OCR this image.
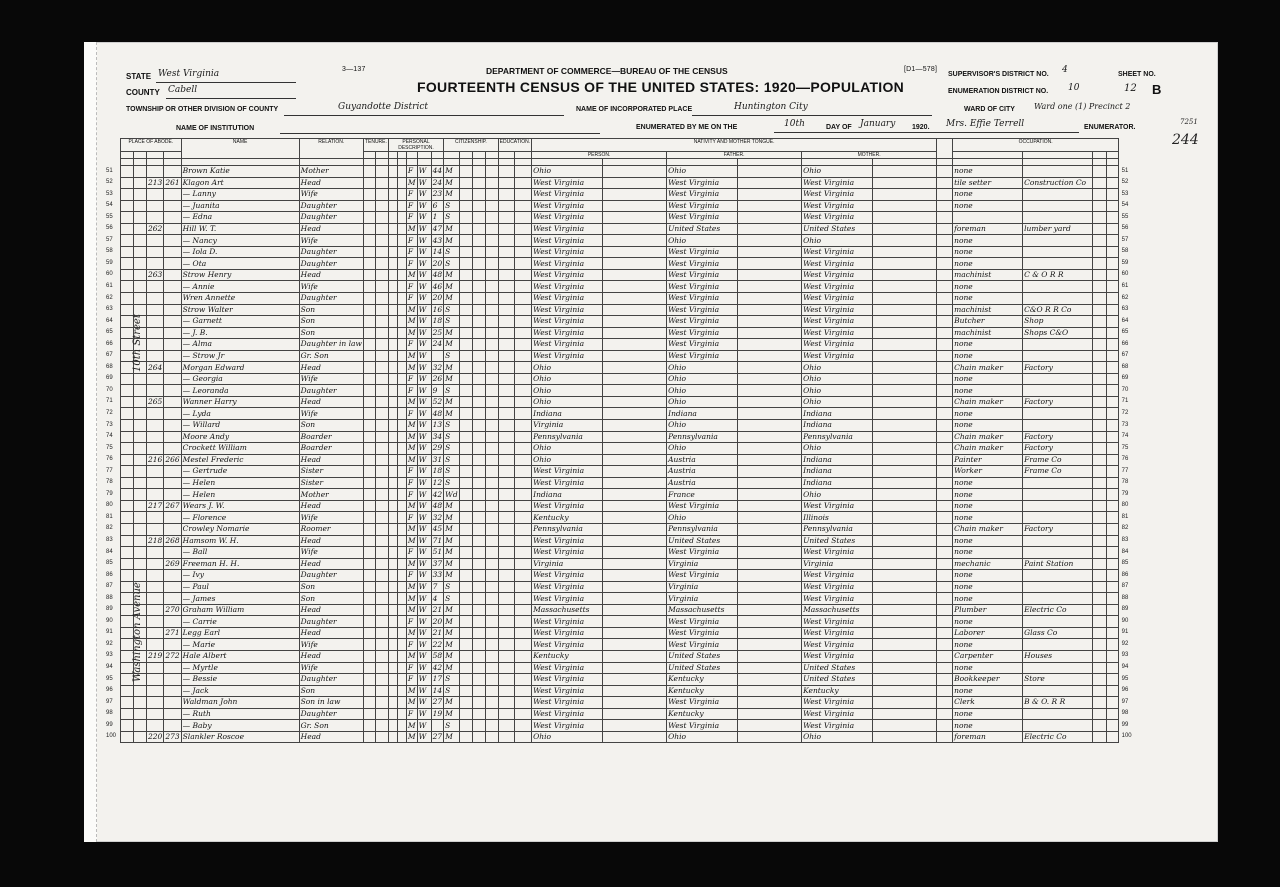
3—137	DEPARTMENT OF COMMERCE—BUREAU OF THE CENSUS	[D1—578]
FOURTEENTH CENSUS OF THE UNITED STATES: 1920—POPULATION
STATE West Virginia
COUNTY Cabell
TOWNSHIP OR OTHER DIVISION OF COUNTY	Guyandotte District	NAME OF INCORPORATED PLACE	Huntington City
NAME OF INSTITUTION	ENUMERATED BY ME ON THE	10th	DAY OF January 1920. Mrs. Effie Terrell	ENUMERATOR.
SUPERVISOR'S DISTRICT NO. 4
ENUMERATION DISTRICT NO. 10
SHEET NO.
12 B
WARD OF CITY Ward one (1) Precinct 2
244
7251
PLACE OF ABODE.				NAME	RELATION.	TENURE.		PERSONAL DESCRIPTION.					CITIZENSHIP.				EDUCATION.		NATIVITY AND MOTHER TONGUE.							OCCUPATION.			
																			PERSON.		FATHER.		MOTHER.						

				Brown Katie	Mother					F	W	44	M						Ohio		Ohio		Ohio			none			
		213	261	Klagon Art	Head					M	W	24	M						West Virginia		West Virginia		West Virginia			tile setter	Construction Co		
				— Lanny	Wife					F	W	23	M						West Virginia		West Virginia		West Virginia			none			
				— Juanita	Daughter					F	W	6	S						West Virginia		West Virginia		West Virginia			none			
				— Edna	Daughter					F	W	1	S						West Virginia		West Virginia		West Virginia						
		262		Hill W. T.	Head					M	W	47	M						West Virginia		United States		United States			foreman	lumber yard		
				— Nancy	Wife					F	W	43	M						West Virginia		Ohio		Ohio			none			
				— Iola D.	Daughter					F	W	14	S						West Virginia		West Virginia		West Virginia			none			
				— Ota	Daughter					F	W	20	S						West Virginia		West Virginia		West Virginia			none			
		263		Strow Henry	Head					M	W	48	M						West Virginia		West Virginia		West Virginia			machinist	C & O R R		
				— Annie	Wife					F	W	46	M						West Virginia		West Virginia		West Virginia			none			
				Wren Annette	Daughter					F	W	20	M						West Virginia		West Virginia		West Virginia			none			
				Strow Walter	Son					M	W	16	S						West Virginia		West Virginia		West Virginia			machinist	C&O R R Co		
				— Garnett	Son					M	W	18	S						West Virginia		West Virginia		West Virginia			Butcher	Shop		
				— J. B.	Son					M	W	25	M						West Virginia		West Virginia		West Virginia			machinist	Shops C&O		
				— Alma	Daughter in law					F	W	24	M						West Virginia		West Virginia		West Virginia			none			
				— Strow Jr	Gr. Son					M	W		S						West Virginia		West Virginia		West Virginia			none			
		264		Morgan Edward	Head					M	W	32	M						Ohio		Ohio		Ohio			Chain maker	Factory		
				— Georgia	Wife					F	W	26	M						Ohio		Ohio		Ohio			none			
				— Leoranda	Daughter					F	W	9	S						Ohio		Ohio		Ohio			none			
		265		Wanner Harry	Head					M	W	52	M						Ohio		Ohio		Ohio			Chain maker	Factory		
				— Lyda	Wife					F	W	48	M						Indiana		Indiana		Indiana			none			
				— Willard	Son					M	W	13	S						Virginia		Ohio		Indiana			none			
				Moore Andy	Boarder					M	W	34	S						Pennsylvania		Pennsylvania		Pennsylvania			Chain maker	Factory		
				Crockett William	Boarder					M	W	29	S						Ohio		Ohio		Ohio			Chain maker	Factory		
		216	266	Mestel Frederic	Head					M	W	31	S						Ohio		Austria		Indiana			Painter	Frame Co		
				— Gertrude	Sister					F	W	18	S						West Virginia		Austria		Indiana			Worker	Frame Co		
				— Helen	Sister					F	W	12	S						West Virginia		Austria		Indiana			none			
				— Helen	Mother					F	W	42	Wd						Indiana		France		Ohio			none			
		217	267	Wears J. W.	Head					M	W	48	M						West Virginia		West Virginia		West Virginia			none			
				— Florence	Wife					F	W	32	M						Kentucky		Ohio		Illinois			none			
				Crowley Nomarie	Roomer					M	W	45	M						Pennsylvania		Pennsylvania		Pennsylvania			Chain maker	Factory		
		218	268	Hamsom W. H.	Head					M	W	71	M						West Virginia		United States		United States			none			
				— Ball	Wife					F	W	51	M						West Virginia		West Virginia		West Virginia			none			
			269	Freeman H. H.	Head					M	W	37	M						Virginia		Virginia		Virginia			mechanic	Paint Station		
				— Ivy	Daughter					F	W	33	M						West Virginia		West Virginia		West Virginia			none			
				— Paul	Son					M	W	7	S						West Virginia		Virginia		West Virginia			none			
				— James	Son					M	W	4	S						West Virginia		Virginia		West Virginia			none			
			270	Graham William	Head					M	W	21	M						Massachusetts		Massachusetts		Massachusetts			Plumber	Electric Co		
				— Carrie	Daughter					F	W	20	M						West Virginia		West Virginia		West Virginia			none			
			271	Legg Earl	Head					M	W	21	M						West Virginia		West Virginia		West Virginia			Laborer	Glass Co		
				— Marie	Wife					F	W	22	M						West Virginia		West Virginia		West Virginia			none			
		219	272	Hale Albert	Head					M	W	58	M						Kentucky		United States		West Virginia			Carpenter	Houses		
				— Myrtle	Wife					F	W	42	M						West Virginia		United States		United States			none			
				— Bessie	Daughter					F	W	17	S						West Virginia		Kentucky		United States			Bookkeeper	Store		
				— Jack	Son					M	W	14	S						West Virginia		Kentucky		Kentucky			none			
				Waldman John	Son in law					M	W	27	M						West Virginia		West Virginia		West Virginia			Clerk	B & O. R R		
				— Ruth	Daughter					F	W	19	M						West Virginia		Kentucky		West Virginia			none			
				— Baby	Gr. Son					M	W		S						West Virginia		West Virginia		West Virginia			none			
		220	273	Slankler Roscoe	Head					M	W	27	M						Ohio		Ohio		Ohio			foreman	Electric Co		
10th Street
Washington Avenue
51	51
52	52
53	53
54	54
55	55
56	56
57	57
58	58
59	59
60	60
61	61
62	62
63	63
64	64
65	65
66	66
67	67
68	68
69	69
70	70
71	71
72	72
73	73
74	74
75	75
76	76
77	77
78	78
79	79
80	80
81	81
82	82
83	83
84	84
85	85
86	86
87	87
88	88
89	89
90	90
91	91
92	92
93	93
94	94
95	95
96	96
97	97
98	98
99	99
100	100
